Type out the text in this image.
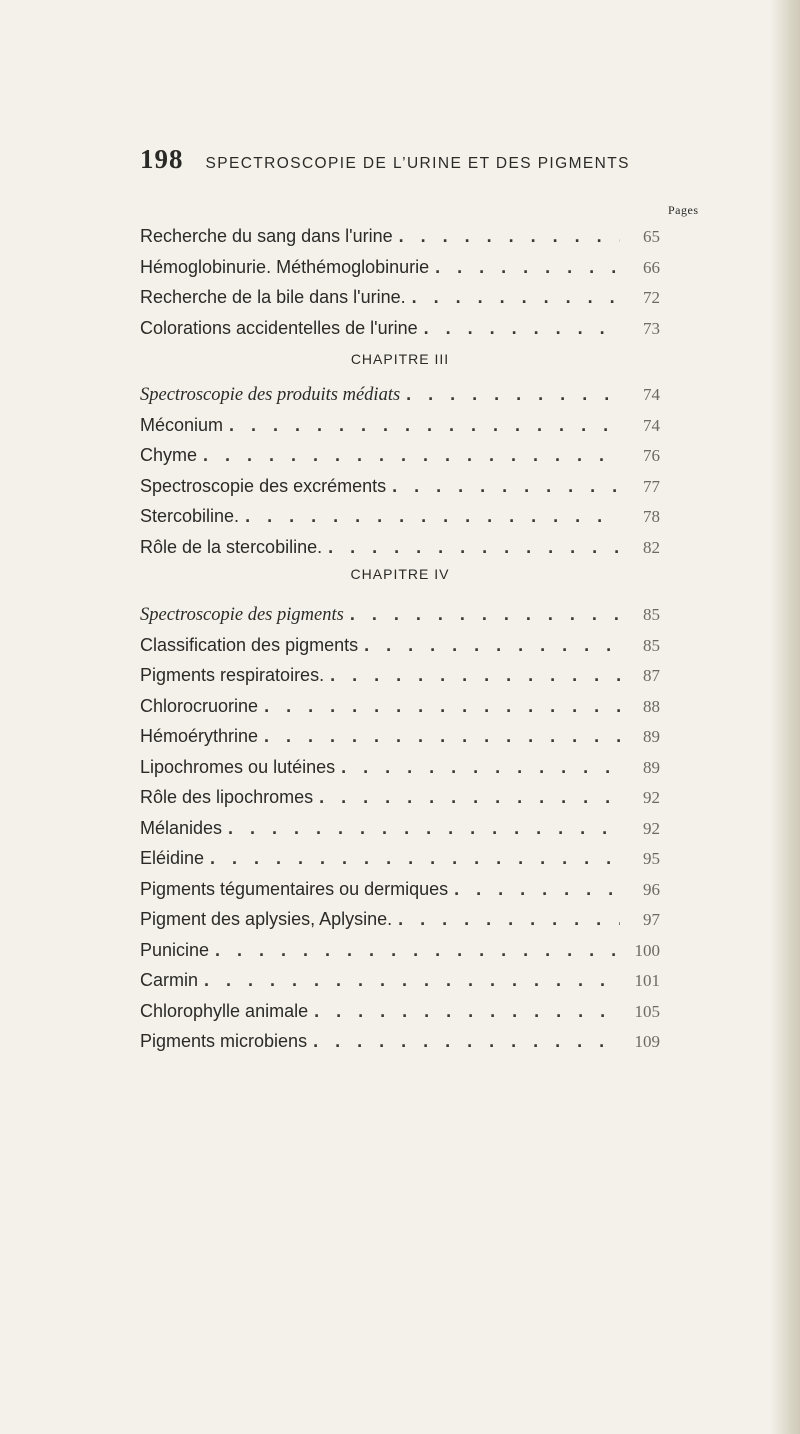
198 SPECTROSCOPIE DE L’URINE ET DES PIGMENTS
Pages
Recherche du sang dans l'urine . . .	65
Hémoglobinurie. Méthémoglobinurie . . .	66
Recherche de la bile dans l'urine. . . .	72
Colorations accidentelles de l'urine . . .	73
CHAPITRE III
Spectroscopie des produits médiats . . .	74
Méconium . . .	74
Chyme . . .	76
Spectroscopie des excréments . . .	77
Stercobiline. . . .	78
Rôle de la stercobiline. . . .	82
CHAPITRE IV
Spectroscopie des pigments . . .	85
Classification des pigments . . .	85
Pigments respiratoires. . . .	87
Chlorocruorine . . .	88
Hémoérythrine . . .	89
Lipochromes ou lutéines . . .	89
Rôle des lipochromes . . .	92
Mélanides . . .	92
Eléidine . . .	95
Pigments tégumentaires ou dermiques . . .	96
Pigment des aplysies, Aplysine. . . .	97
Punicine . . .	100
Carmin . . .	101
Chlorophylle animale . . .	105
Pigments microbiens . . .	109
